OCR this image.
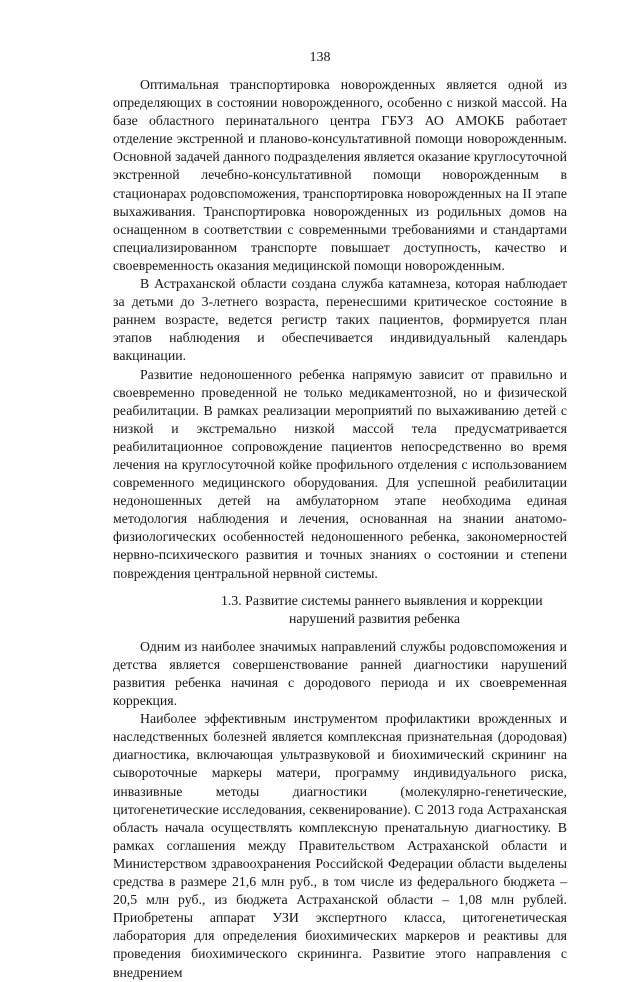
138

Оптимальная транспортировка новорожденных является одной из определяющих в состоянии новорожденного, особенно с низкой массой. На базе областного перинатального центра ГБУЗ АО АМОКБ работает отделение экстренной и планово-консультативной помощи новорожденным. Основной задачей данного подразделения является оказание круглосуточной экстренной лечебно-консультативной помощи новорожденным в стационарах родовспоможения, транспортировка новорожденных на II этапе выхаживания. Транспортировка новорожденных из родильных домов на оснащенном в соответствии с современными требованиями и стандартами специализированном транспорте повышает доступность, качество и своевременность оказания медицинской помощи новорожденным.

В Астраханской области создана служба катамнеза, которая наблюдает за детьми до 3-летнего возраста, перенесшими критическое состояние в раннем возрасте, ведется регистр таких пациентов, формируется план этапов наблюдения и обеспечивается индивидуальный календарь вакцинации.

Развитие недоношенного ребенка напрямую зависит от правильно и своевременно проведенной не только медикаментозной, но и физической реабилитации. В рамках реализации мероприятий по выхаживанию детей с низкой и экстремально низкой массой тела предусматривается реабилитационное сопровождение пациентов непосредственно во время лечения на круглосуточной койке профильного отделения с использованием современного медицинского оборудования. Для успешной реабилитации недоношенных детей на амбулаторном этапе необходима единая методология наблюдения и лечения, основанная на знании анатомо-физиологических особенностей недоношенного ребенка, закономерностей нервно-психического развития и точных знаниях о состоянии и степени повреждения центральной нервной системы.

1.3. Развитие системы раннего выявления и коррекции
нарушений развития ребенка

Одним из наиболее значимых направлений службы родовспоможения и детства является совершенствование ранней диагностики нарушений развития ребенка начиная с дородового периода и их своевременная коррекция.

Наиболее эффективным инструментом профилактики врожденных и наследственных болезней является комплексная признательная (дородовая) диагностика, включающая ультразвуковой и биохимический скрининг на сывороточные маркеры матери, программу индивидуального риска, инвазивные методы диагностики (молекулярно-генетические, цитогенетические исследования, секвенирование). С 2013 года Астраханская область начала осуществлять комплексную пренатальную диагностику. В рамках соглашения между Правительством Астраханской области и Министерством здравоохранения Российской Федерации области выделены средства в размере 21,6 млн руб., в том числе из федерального бюджета – 20,5 млн руб., из бюджета Астраханской области – 1,08 млн рублей. Приобретены аппарат УЗИ экспертного класса, цитогенетическая лаборатория для определения биохимических маркеров и реактивы для проведения биохимического скрининга. Развитие этого направления с внедрением
